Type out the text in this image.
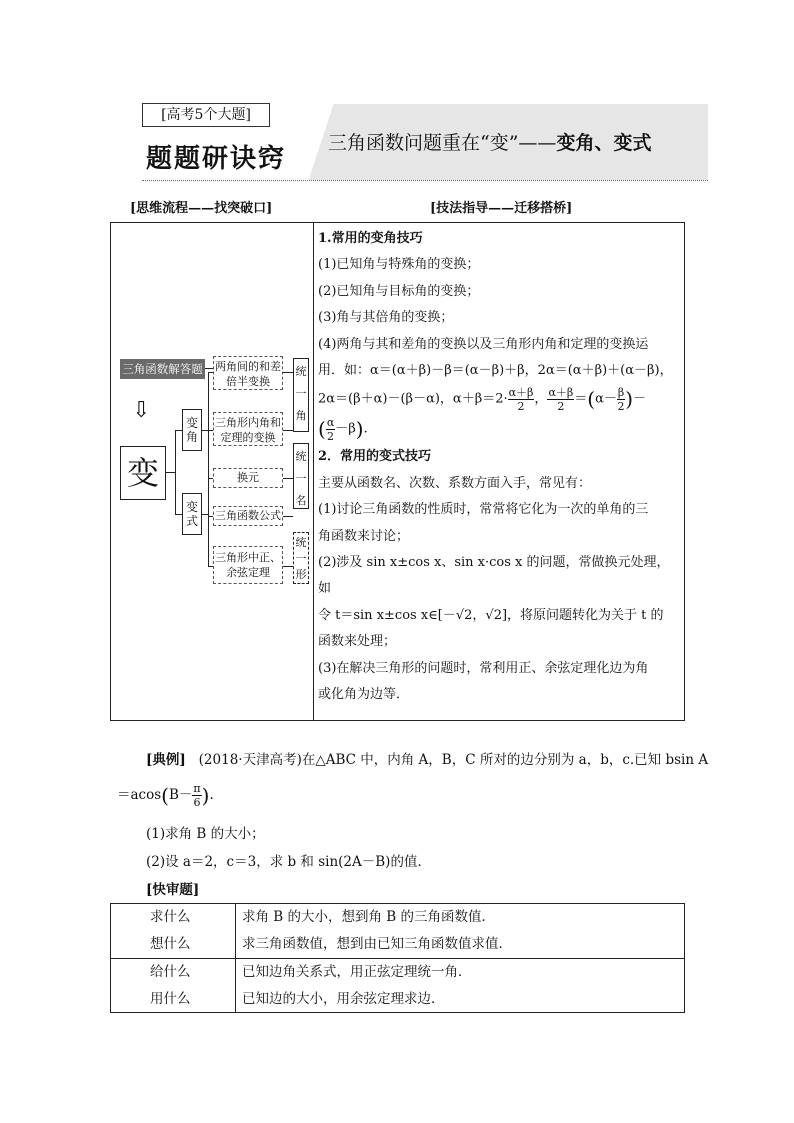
[高考5个大题]
题题研诀窍
三角函数问题重在“变”——变角、变式
[思维流程——找突破口]	[技法指导——迁移搭桥]
三角函数解答题
⇩
变
变角
变式
两角间的和差
倍半变换
三角形内角和
定理的变换
换元
三角函数公式
三角形中正、
余弦定理
统一角
统一名
统一形

1.常用的变角技巧

(1)已知角与特殊角的变换；

(2)已知角与目标角的变换；

(3)角与其倍角的变换；

(4)两角与其和差角的变换以及三角形内角和定理的变换运

用．如：α＝(α＋β)－β＝(α－β)＋β，2α＝(α＋β)＋(α－β)，

2α＝(β＋α)－(β－α)，$\alpha+\beta=2\cdot \frac{\alpha+\beta}{2}$ ， $\frac{\alpha+\beta}{2} =(\alpha- \frac{\beta}{2}$ )－

( $\frac{\alpha}{2} -\beta$).

2．常用的变式技巧

主要从函数名、次数、系数方面入手，常见有：

(1)讨论三角函数的性质时，常常将它化为一次的单角的三

角函数来讨论；

(2)涉及 sin x±cos x、sin x·cos x 的问题，常做换元处理，如

令 t＝sin x±cos x∈[－√2，√2]，将原问题转化为关于 t 的

函数来处理；

(3)在解决三角形的问题时，常利用正、余弦定理化边为角

或化角为边等．

[典例] (2018·天津高考)在△ABC 中，内角 A，B，C 所对的边分别为 a，b，c.已知 bsin A
$=acos(B- \frac{\pi}{6}$ ).
(1)求角 B 的大小；
(2)设 a＝2，c＝3，求 b 和 sin(2A－B)的值．
[快审题]
求什么	求角 B 的大小，想到角 B 的三角函数值．
想什么	求三角函数值，想到由已知三角函数值求值．
给什么	已知边角关系式，用正弦定理统一角．
用什么	已知边的大小，用余弦定理求边．
